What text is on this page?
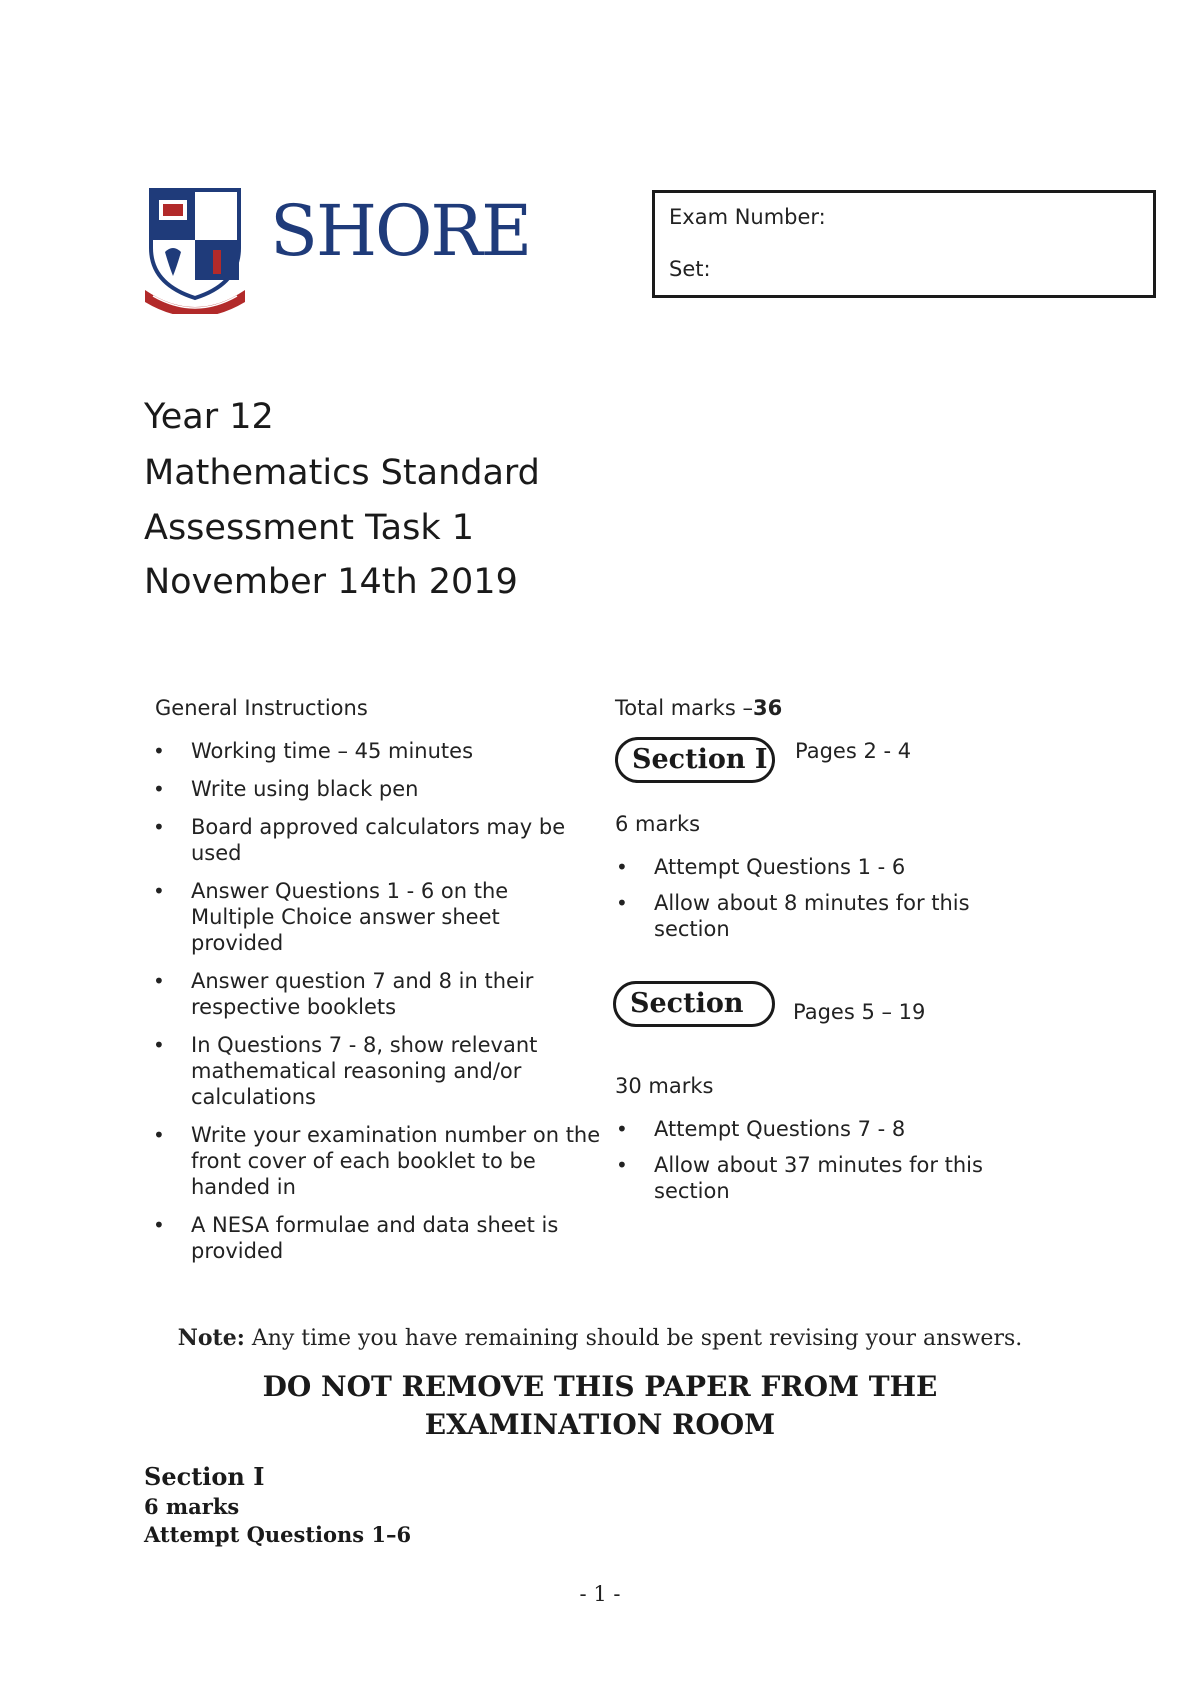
SHORE	Exam Number:
Set:
Year 12
Mathematics Standard
Assessment Task 1
November 14th 2019
General Instructions
• Working time – 45 minutes
• Write using black pen
• Board approved calculators may be used
• Answer Questions 1 - 6 on the Multiple Choice answer sheet provided
• Answer question 7 and 8 in their respective booklets
• In Questions 7 - 8, show relevant mathematical reasoning and/or calculations
• Write your examination number on the front cover of each booklet to be handed in
• A NESA formulae and data sheet is provided
Total marks –36
Section I	Pages 2 - 4
6 marks
• Attempt Questions 1 - 6
• Allow about 8 minutes for this section
Section	Pages 5 – 19
30 marks
• Attempt Questions 7 - 8
• Allow about 37 minutes for this section
Note: Any time you have remaining should be spent revising your answers.
DO NOT REMOVE THIS PAPER FROM THE
EXAMINATION ROOM
Section I
6 marks
Attempt Questions 1–6
- 1 -
